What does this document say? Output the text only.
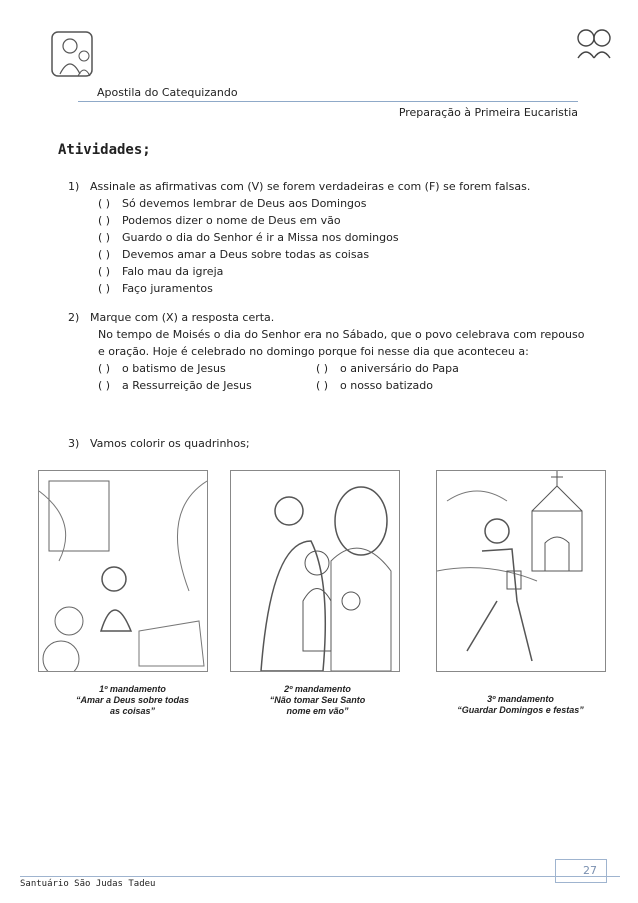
Apostila do Catequizando
Preparação à Primeira Eucaristia
Atividades;
1) Assinale as afirmativas com (V) se forem verdadeiras e com (F) se forem falsas.
( ) Só devemos lembrar de Deus aos Domingos
( ) Podemos dizer o nome de Deus em vão
( ) Guardo o dia do Senhor é ir a Missa nos domingos
( ) Devemos amar a Deus sobre todas as coisas
( ) Falo mau da igreja
( ) Faço juramentos
2) Marque com (X) a resposta certa.
No tempo de Moisés o dia do Senhor era no Sábado, que o povo celebrava com repouso
e oração. Hoje é celebrado no domingo porque foi nesse dia que aconteceu a:
( ) o batismo de Jesus	( ) o aniversário do Papa
( ) a Ressurreição de Jesus	( ) o nosso batizado
3) Vamos colorir os quadrinhos;
1º mandamento
“Amar a Deus sobre todas
as coisas”
2º mandamento
“Não tomar Seu Santo
nome em vão”
3º mandamento
“Guardar Domingos e festas”
27
Santuário São Judas Tadeu
